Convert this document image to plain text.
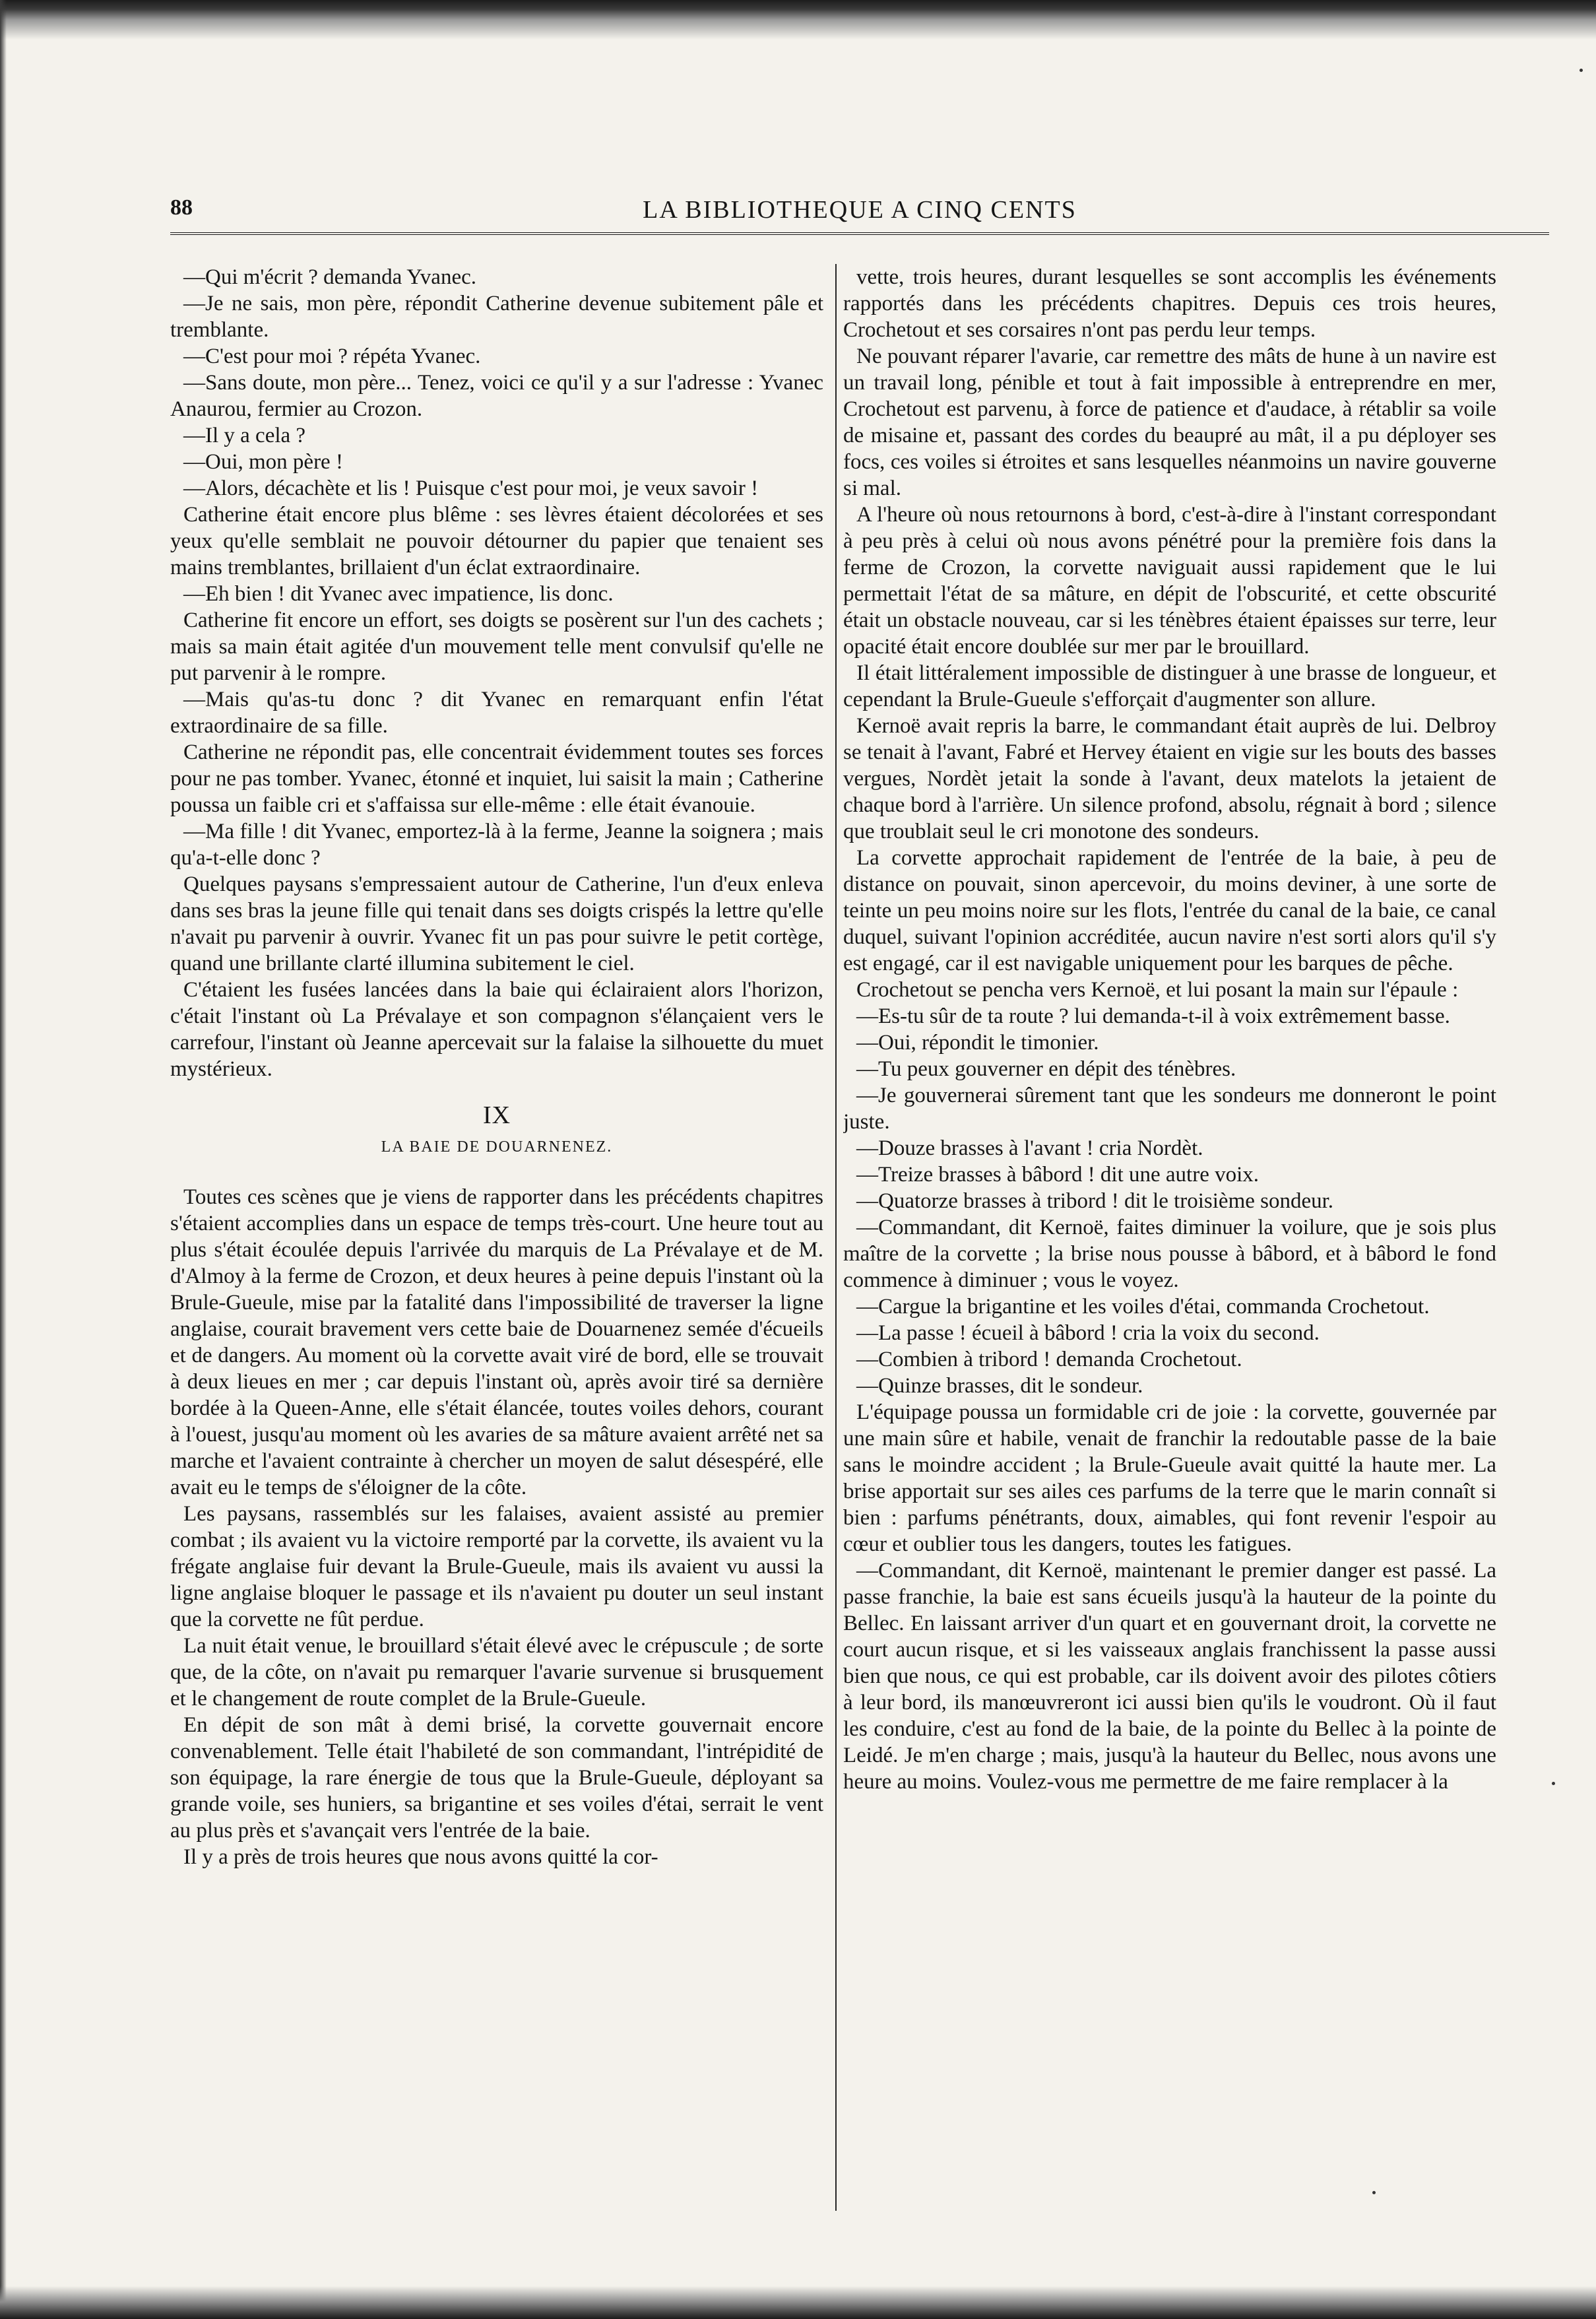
88	LA BIBLIOTHEQUE A CINQ CENTS

—Qui m'écrit ? demanda Yvanec.

—Je ne sais, mon père, répondit Catherine devenue subitement pâle et tremblante.

—C'est pour moi ? répéta Yvanec.

—Sans doute, mon père... Tenez, voici ce qu'il y a sur l'adresse : Yvanec Anaurou, fermier au Crozon.

—Il y a cela ?

—Oui, mon père !

—Alors, décachète et lis ! Puisque c'est pour moi, je veux savoir !

Catherine était encore plus blême : ses lèvres étaient décolorées et ses yeux qu'elle semblait ne pouvoir détourner du papier que tenaient ses mains tremblantes, brillaient d'un éclat extraordinaire.

—Eh bien ! dit Yvanec avec impatience, lis donc.

Catherine fit encore un effort, ses doigts se posèrent sur l'un des cachets ; mais sa main était agitée d'un mouvement telle ment convulsif qu'elle ne put parvenir à le rompre.

—Mais qu'as-tu donc ? dit Yvanec en remarquant enfin l'état extraordinaire de sa fille.

Catherine ne répondit pas, elle concentrait évidemment toutes ses forces pour ne pas tomber. Yvanec, étonné et inquiet, lui saisit la main ; Catherine poussa un faible cri et s'affaissa sur elle-même : elle était évanouie.

—Ma fille ! dit Yvanec, emportez-là à la ferme, Jeanne la soignera ; mais qu'a-t-elle donc ?

Quelques paysans s'empressaient autour de Catherine, l'un d'eux enleva dans ses bras la jeune fille qui tenait dans ses doigts crispés la lettre qu'elle n'avait pu parvenir à ouvrir. Yvanec fit un pas pour suivre le petit cortège, quand une brillante clarté illumina subitement le ciel.

C'étaient les fusées lancées dans la baie qui éclairaient alors l'horizon, c'était l'instant où La Prévalaye et son compagnon s'élançaient vers le carrefour, l'instant où Jeanne apercevait sur la falaise la silhouette du muet mystérieux.

IX
LA BAIE DE DOUARNENEZ.

Toutes ces scènes que je viens de rapporter dans les précédents chapitres s'étaient accomplies dans un espace de temps très-court. Une heure tout au plus s'était écoulée depuis l'arrivée du marquis de La Prévalaye et de M. d'Almoy à la ferme de Crozon, et deux heures à peine depuis l'instant où la Brule-Gueule, mise par la fatalité dans l'impossibilité de traverser la ligne anglaise, courait bravement vers cette baie de Douarnenez semée d'écueils et de dangers. Au moment où la corvette avait viré de bord, elle se trouvait à deux lieues en mer ; car depuis l'instant où, après avoir tiré sa dernière bordée à la Queen-Anne, elle s'était élancée, toutes voiles dehors, courant à l'ouest, jusqu'au moment où les avaries de sa mâture avaient arrêté net sa marche et l'avaient contrainte à chercher un moyen de salut désespéré, elle avait eu le temps de s'éloigner de la côte.

Les paysans, rassemblés sur les falaises, avaient assisté au premier combat ; ils avaient vu la victoire remporté par la corvette, ils avaient vu la frégate anglaise fuir devant la Brule-Gueule, mais ils avaient vu aussi la ligne anglaise bloquer le passage et ils n'avaient pu douter un seul instant que la corvette ne fût perdue.

La nuit était venue, le brouillard s'était élevé avec le crépuscule ; de sorte que, de la côte, on n'avait pu remarquer l'avarie survenue si brusquement et le changement de route complet de la Brule-Gueule.

En dépit de son mât à demi brisé, la corvette gouvernait encore convenablement. Telle était l'habileté de son commandant, l'intrépidité de son équipage, la rare énergie de tous que la Brule-Gueule, déployant sa grande voile, ses huniers, sa brigantine et ses voiles d'étai, serrait le vent au plus près et s'avançait vers l'entrée de la baie.

Il y a près de trois heures que nous avons quitté la cor-

vette, trois heures, durant lesquelles se sont accomplis les événements rapportés dans les précédents chapitres. Depuis ces trois heures, Crochetout et ses corsaires n'ont pas perdu leur temps.

Ne pouvant réparer l'avarie, car remettre des mâts de hune à un navire est un travail long, pénible et tout à fait impossible à entreprendre en mer, Crochetout est parvenu, à force de patience et d'audace, à rétablir sa voile de misaine et, passant des cordes du beaupré au mât, il a pu déployer ses focs, ces voiles si étroites et sans lesquelles néanmoins un navire gouverne si mal.

A l'heure où nous retournons à bord, c'est-à-dire à l'instant correspondant à peu près à celui où nous avons pénétré pour la première fois dans la ferme de Crozon, la corvette naviguait aussi rapidement que le lui permettait l'état de sa mâture, en dépit de l'obscurité, et cette obscurité était un obstacle nouveau, car si les ténèbres étaient épaisses sur terre, leur opacité était encore doublée sur mer par le brouillard.

Il était littéralement impossible de distinguer à une brasse de longueur, et cependant la Brule-Gueule s'efforçait d'augmenter son allure.

Kernoë avait repris la barre, le commandant était auprès de lui. Delbroy se tenait à l'avant, Fabré et Hervey étaient en vigie sur les bouts des basses vergues, Nordèt jetait la sonde à l'avant, deux matelots la jetaient de chaque bord à l'arrière. Un silence profond, absolu, régnait à bord ; silence que troublait seul le cri monotone des sondeurs.

La corvette approchait rapidement de l'entrée de la baie, à peu de distance on pouvait, sinon apercevoir, du moins deviner, à une sorte de teinte un peu moins noire sur les flots, l'entrée du canal de la baie, ce canal duquel, suivant l'opinion accréditée, aucun navire n'est sorti alors qu'il s'y est engagé, car il est navigable uniquement pour les barques de pêche.

Crochetout se pencha vers Kernoë, et lui posant la main sur l'épaule :

—Es-tu sûr de ta route ? lui demanda-t-il à voix extrêmement basse.

—Oui, répondit le timonier.

—Tu peux gouverner en dépit des ténèbres.

—Je gouvernerai sûrement tant que les sondeurs me donneront le point juste.

—Douze brasses à l'avant ! cria Nordèt.

—Treize brasses à bâbord ! dit une autre voix.

—Quatorze brasses à tribord ! dit le troisième sondeur.

—Commandant, dit Kernoë, faites diminuer la voilure, que je sois plus maître de la corvette ; la brise nous pousse à bâbord, et à bâbord le fond commence à diminuer ; vous le voyez.

—Cargue la brigantine et les voiles d'étai, commanda Crochetout.

—La passe ! écueil à bâbord ! cria la voix du second.

—Combien à tribord ! demanda Crochetout.

—Quinze brasses, dit le sondeur.

L'équipage poussa un formidable cri de joie : la corvette, gouvernée par une main sûre et habile, venait de franchir la redoutable passe de la baie sans le moindre accident ; la Brule-Gueule avait quitté la haute mer. La brise apportait sur ses ailes ces parfums de la terre que le marin connaît si bien : parfums pénétrants, doux, aimables, qui font revenir l'espoir au cœur et oublier tous les dangers, toutes les fatigues.

—Commandant, dit Kernoë, maintenant le premier danger est passé. La passe franchie, la baie est sans écueils jusqu'à la hauteur de la pointe du Bellec. En laissant arriver d'un quart et en gouvernant droit, la corvette ne court aucun risque, et si les vaisseaux anglais franchissent la passe aussi bien que nous, ce qui est probable, car ils doivent avoir des pilotes côtiers à leur bord, ils manœuvreront ici aussi bien qu'ils le voudront. Où il faut les conduire, c'est au fond de la baie, de la pointe du Bellec à la pointe de Leidé. Je m'en charge ; mais, jusqu'à la hauteur du Bellec, nous avons une heure au moins. Voulez-vous me permettre de me faire remplacer à la
